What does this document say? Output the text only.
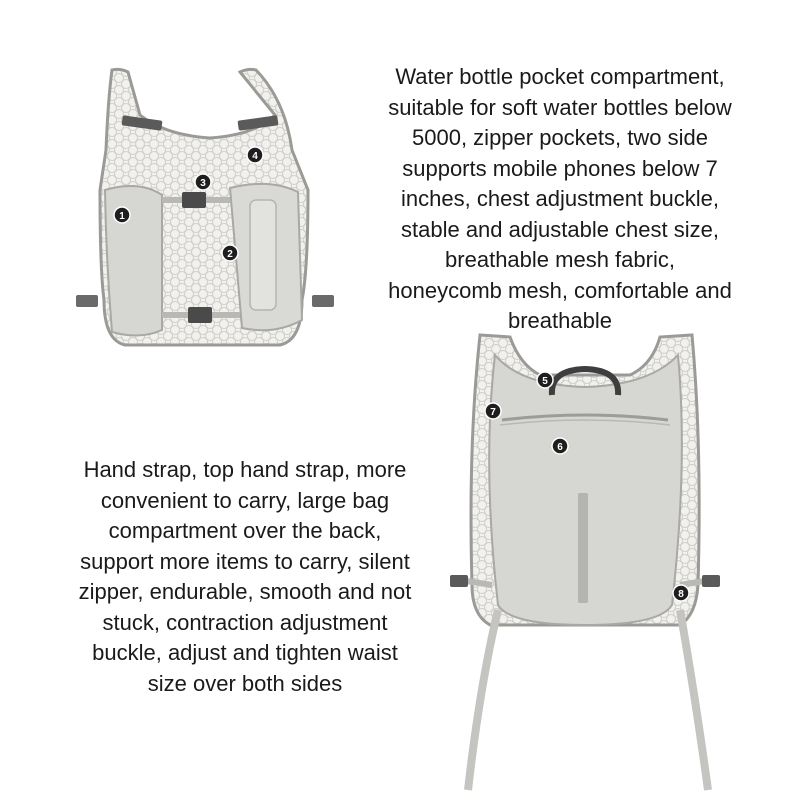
Water bottle pocket compartment,
suitable for soft water bottles below
5000, zipper pockets, two side
supports mobile phones below 7
inches, chest adjustment buckle,
stable and adjustable chest size,
breathable mesh fabric,
honeycomb mesh, comfortable and
breathable
Hand strap, top hand strap, more
convenient to carry, large bag
compartment over the back,
support more items to carry, silent
zipper, endurable, smooth and not
stuck, contraction adjustment
buckle, adjust and tighten waist
size over both sides
1
2
3
4
5
6
7
8
